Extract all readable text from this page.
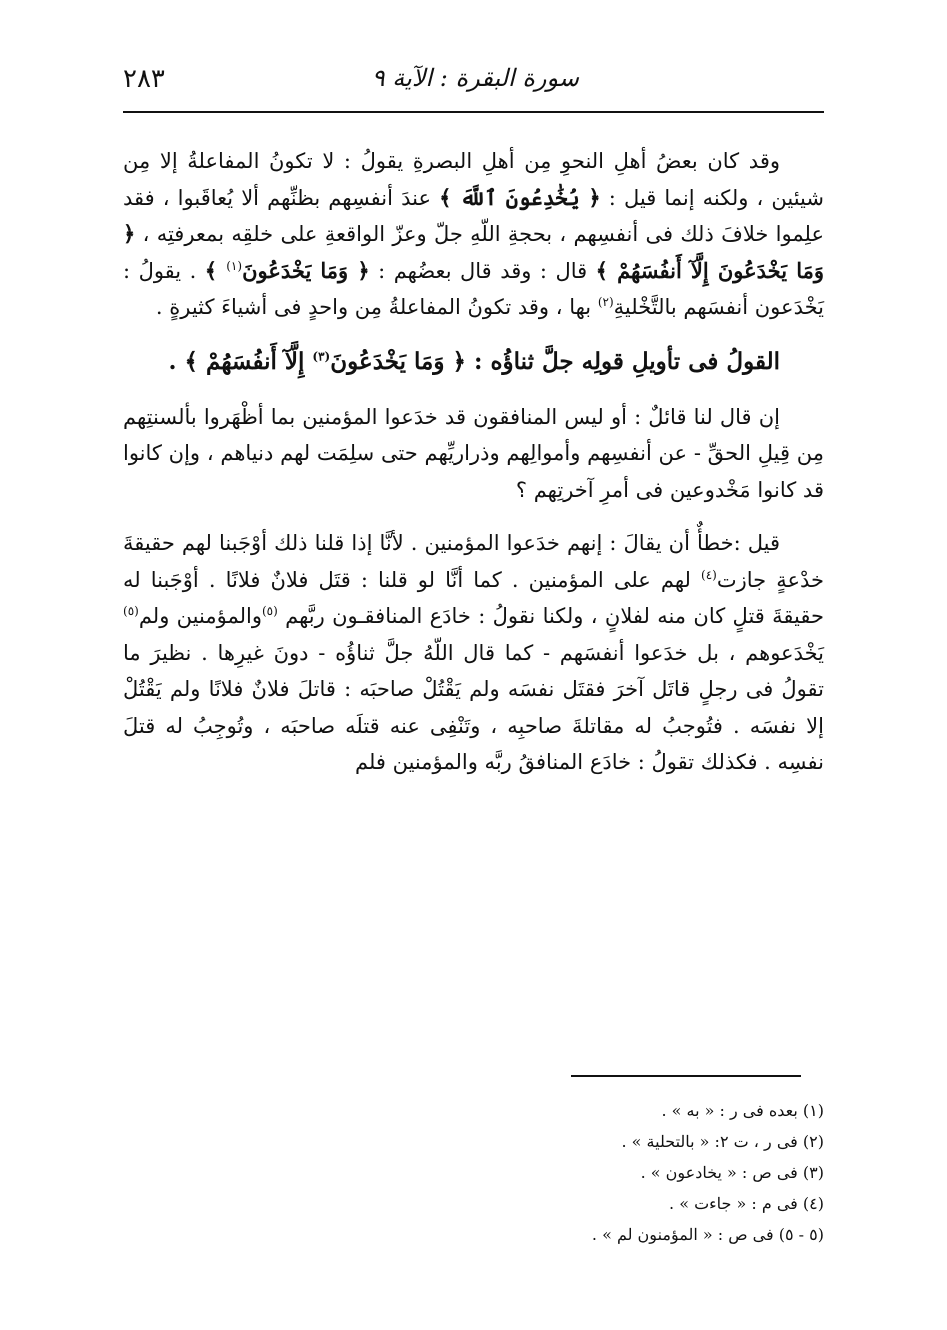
سورة البقرة : الآية ٩
٢٨٣

وقد كان بعضُ أهلِ النحوِ مِن أهلِ البصرةِ يقولُ : لا تكونُ المفاعلةُ إلا مِن شيئين ، ولكنه إنما قيل : ﴿ يُخَٰدِعُونَ ٱللَّهَ ﴾ عندَ أنفسِهم بظنِّهم ألا يُعاقَبوا ، فقد علِموا خلافَ ذلك فى أنفسِهم ، بحجةِ اللّهِ جلّ وعزّ الواقعةِ على خلقِه بمعرفتِه ، ﴿ وَمَا يَخْدَعُونَ إِلَّآ أَنفُسَهُمْ ﴾ قال : وقد قال بعضُهم : ﴿ وَمَا يَخْدَعُونَ$^{(١)}$ ﴾ . يقولُ : يَخْدَعون أنفسَهم بالتَّخْليةِ$^{(٢)}$ بها ، وقد تكونُ المفاعلةُ مِن واحدٍ فى أشياءَ كثيرةٍ .

القولُ فى تأويلِ قولِه جلَّ ثناؤُه : ﴿ وَمَا يَخْدَعُونَ$^{(٣)}$ إِلَّآ أَنفُسَهُمْ ﴾ .

إن قال لنا قائلٌ : أو ليس المنافقون قد خدَعوا المؤمنين بما أظْهَروا بألسنتِهم مِن قِيلِ الحقِّ - عن أنفسِهم وأموالِهم وذراريِّهم حتى سلِمَت لهم دنياهم ، وإن كانوا قد كانوا مَخْدوعين فى أمرِ آخرتِهم ؟

قيل :خطأٌ أن يقالَ : إنهم خدَعوا المؤمنين . لأنَّا إذا قلنا ذلك أوْجَبنا لهم حقيقةَ خدْعةٍ جازت$^{(٤)}$ لهم على المؤمنين . كما أنَّا لو قلنا : قتَل فلانٌ فلانًا . أوْجَبنا له حقيقةَ قتلٍ كان منه لفلانٍ ، ولكنا نقولُ : خادَع المنافقـون ربَّهم $^{(٥)}$والمؤمنين ولم$^{(٥)}$ يَخْدَعوهم ، بل خدَعوا أنفسَهم - كما قال اللّهُ جلَّ ثناؤُه - دونَ غيرِها . نظيرَ ما تقولُ فى رجلٍ قاتَل آخرَ فقتَل نفسَه ولم يَقْتُلْ صاحبَه : قاتلَ فلانٌ فلانًا ولم يَقْتُلْ إلا نفسَه . فتُوجبُ له مقاتلةَ صاحبِه ، وتَنْفِى عنه قتلَه صاحبَه ، وتُوجِبُ له قتلَ نفسِه . فكذلك تقولُ : خادَع المنافقُ ربَّه والمؤمنين فلم

(١) بعده فى ر : « به » .

(٢) فى ر ، ت ٢: « بالتحلية » .

(٣) فى ص : « يخادعون » .

(٤) فى م : « جاءت » .

(٥ - ٥) فى ص : « المؤمنون لم » .
